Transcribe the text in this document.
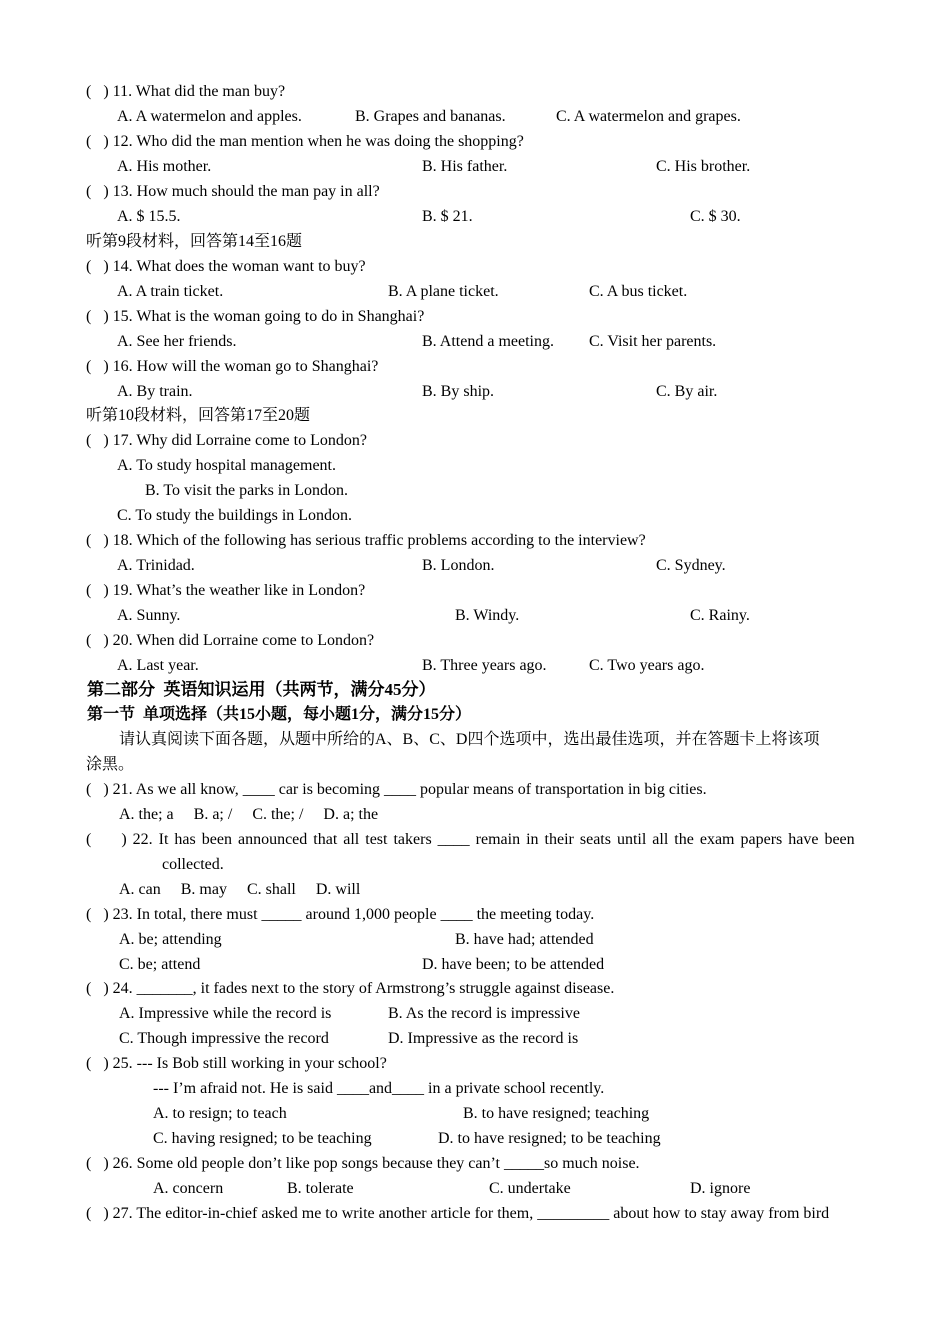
(   ) 11. What did the man buy?
A. A watermelon and apples.	B. Grapes and bananas.	C. A watermelon and grapes.
(   ) 12. Who did the man mention when he was doing the shopping?
A. His mother.	B. His father.	C. His brother.
(   ) 13. How much should the man pay in all?
A. $ 15.5.	B. $ 21.	C. $ 30.
听第9段材料，回答第14至16题
(   ) 14. What does the woman want to buy?
A. A train ticket.	B. A plane ticket.	C. A bus ticket.
(   ) 15. What is the woman going to do in Shanghai?
A. See her friends.	B. Attend a meeting. C. Visit her parents.
(   ) 16. How will the woman go to Shanghai?
A. By train.	B. By ship.	C. By air.
听第10段材料，回答第17至20题
(   ) 17. Why did Lorraine come to London?
A. To study hospital management.
B. To visit the parks in London.
C. To study the buildings in London.
(   ) 18. Which of the following has serious traffic problems according to the interview?
A. Trinidad.	B. London.	C. Sydney.
(   ) 19. What’s the weather like in London?
A. Sunny.	B. Windy.	C. Rainy.
(   ) 20. When did Lorraine come to London?
A. Last year.	B. Three years ago.	C. Two years ago.
第二部分  英语知识运用（共两节，满分45分）
第一节  单项选择（共15小题，每小题1分，满分15分）
请认真阅读下面各题，从题中所给的A、B、C、D四个选项中，选出最佳选项，并在答题卡上将该项
涂黑。
(   ) 21. As we all know, ____ car is becoming ____ popular means of transportation in big cities.
A. the; a     B. a; /     C. the; /     D. a; the
(     ) 22. It has been announced that all test takers ____ remain in their seats until all the exam papers have been
collected.
A. can     B. may     C. shall     D. will
(   ) 23. In total, there must _____ around 1,000 people ____ the meeting today.
A. be; attending	B. have had; attended
C. be; attend	D. have been; to be attended
(   ) 24. _______, it fades next to the story of Armstrong’s struggle against disease.
A. Impressive while the record is	B. As the record is impressive
C. Though impressive the record	D. Impressive as the record is
(   ) 25. --- Is Bob still working in your school?
--- I’m afraid not. He is said ____and____ in a private school recently.
A. to resign; to teach	B. to have resigned; teaching
C. having resigned; to be teaching	D. to have resigned; to be teaching
(   ) 26. Some old people don’t like pop songs because they can’t _____so much noise.
A. concern	B. tolerate	C. undertake	D. ignore
(   ) 27. The editor-in-chief asked me to write another article for them, _________ about how to stay away from bird
